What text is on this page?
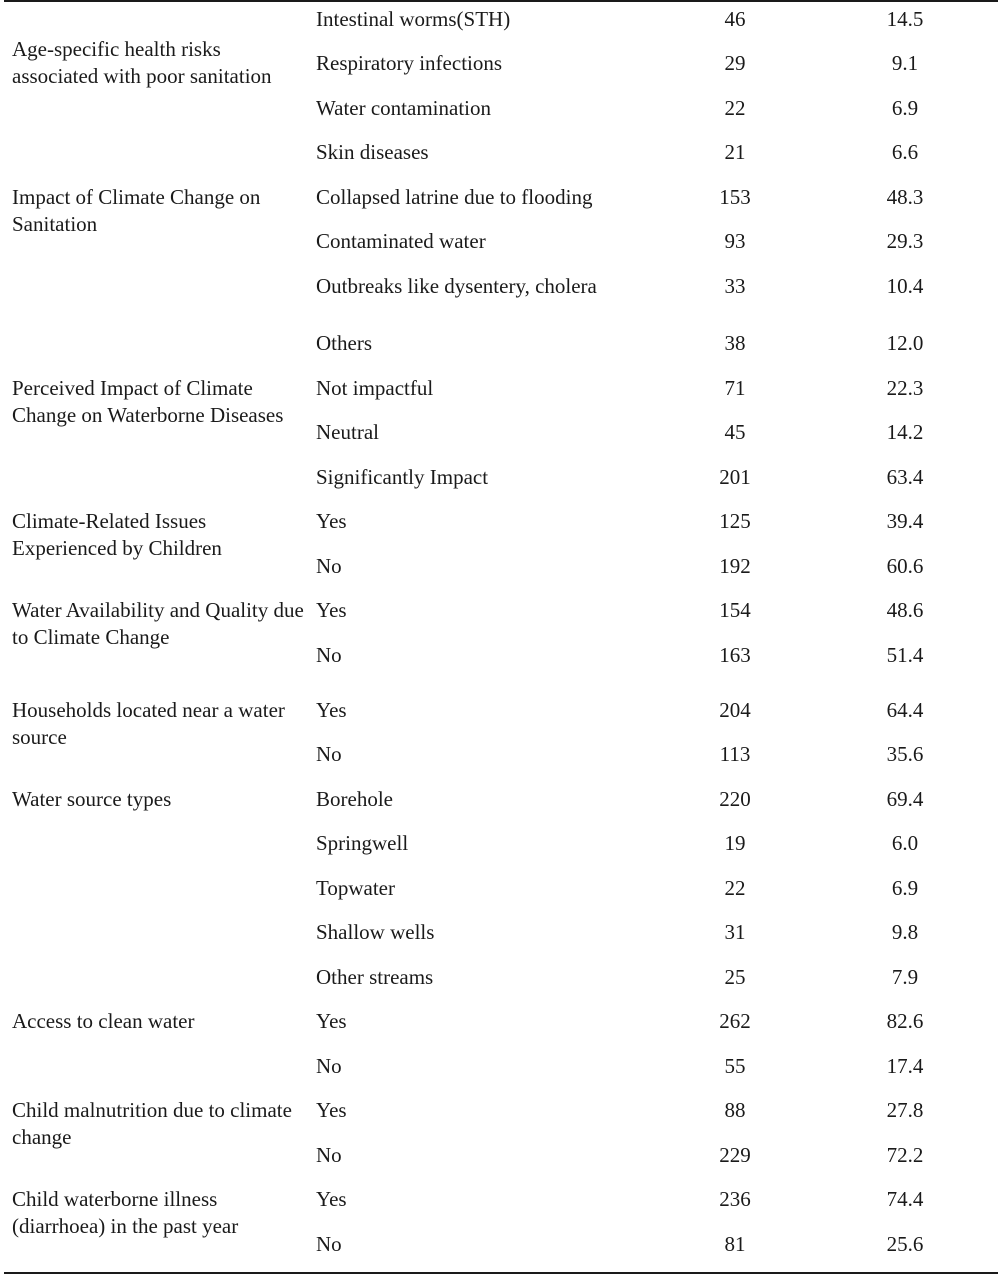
Age-specific health risks associated with poor sanitation
Intestinal worms(STH)	46	14.5
Respiratory infections	29	9.1
Water contamination	22	6.9
Skin diseases	21	6.6
Impact of Climate Change on Sanitation
Collapsed latrine due to flooding	153	48.3
Contaminated water	93	29.3
Outbreaks like dysentery, cholera	33	10.4
Others	38	12.0
Perceived Impact of Climate Change on Waterborne Diseases
Not impactful	71	22.3
Neutral	45	14.2
Significantly Impact	201	63.4
Climate-Related Issues Experienced by Children
Yes	125	39.4
No	192	60.6
Water Availability and Quality due to Climate Change
Yes	154	48.6
No	163	51.4
Households located near a water source
Yes	204	64.4
No	113	35.6
Water source types	Borehole	220	69.4
Springwell	19	6.0
Topwater	22	6.9
Shallow wells	31	9.8
Other streams	25	7.9
Access to clean water	Yes	262	82.6
No	55	17.4
Child malnutrition due to climate change
Yes	88	27.8
No	229	72.2
Child waterborne illness (diarrhoea) in the past year
Yes	236	74.4
No	81	25.6
